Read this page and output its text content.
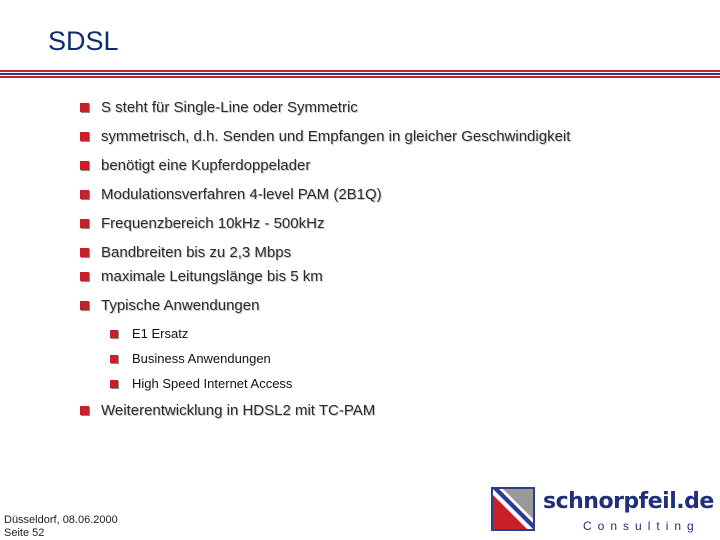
SDSL
S steht für Single-Line oder Symmetric
symmetrisch, d.h. Senden und Empfangen in gleicher Geschwindigkeit
benötigt eine Kupferdoppelader
Modulationsverfahren 4-level PAM (2B1Q)
Frequenzbereich 10kHz - 500kHz
Bandbreiten bis zu 2,3 Mbps
maximale Leitungslänge bis 5 km
Typische Anwendungen
E1 Ersatz
Business Anwendungen
High Speed Internet Access
Weiterentwicklung in HDSL2 mit TC-PAM
Düsseldorf, 08.06.2000
Seite 52
schnorpfeil.de
Consulting
